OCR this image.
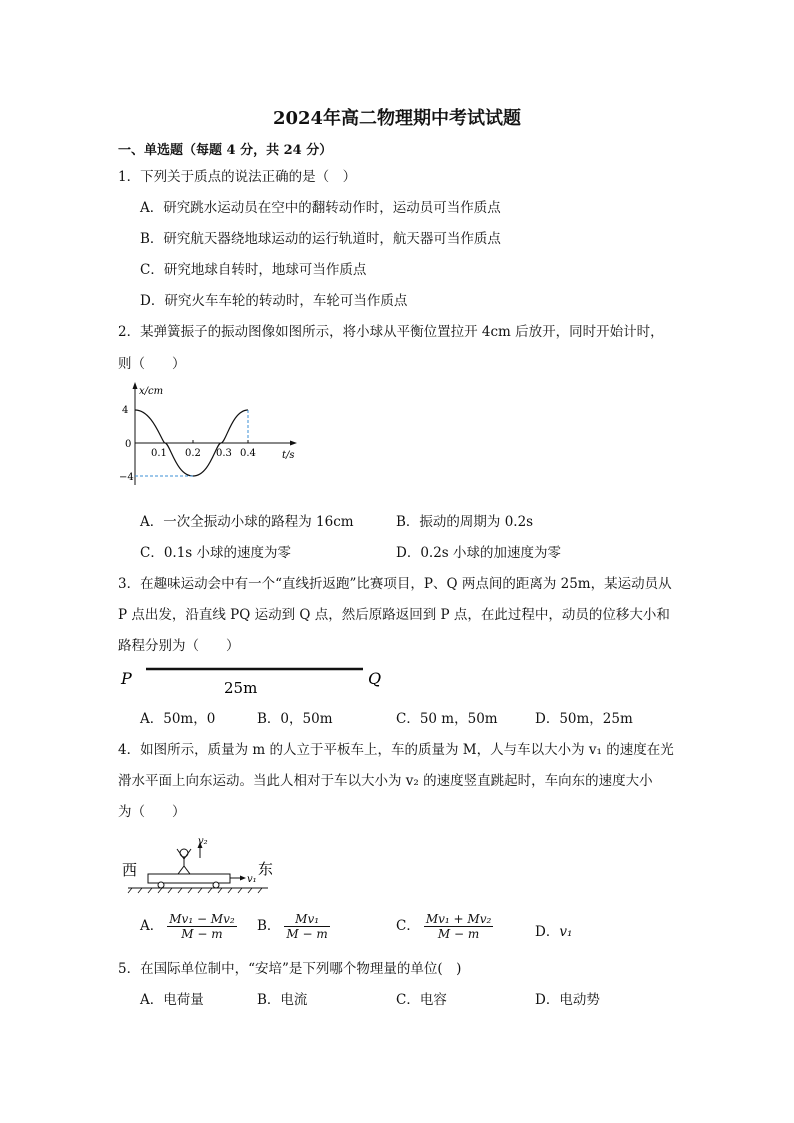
2024年高二物理期中考试试题
一、单选题（每题 4 分，共 24 分）
1．下列关于质点的说法正确的是（　）
A．研究跳水运动员在空中的翻转动作时，运动员可当作质点
B．研究航天器绕地球运动的运行轨道时，航天器可当作质点
C．研究地球自转时，地球可当作质点
D．研究火车车轮的转动时，车轮可当作质点
2．某弹簧振子的振动图像如图所示，将小球从平衡位置拉开 4cm 后放开，同时开始计时，
则（　　）
x/cm
4
0
−4
0.1 0.2 0.3 0.4	t/s
A．一次全振动小球的路程为 16cm	B．振动的周期为 0.2s
C．0.1s 小球的速度为零	D．0.2s 小球的加速度为零
3．在趣味运动会中有一个“直线折返跑”比赛项目，P、Q 两点间的距离为 25m，某运动员从
P 点出发，沿直线 PQ 运动到 Q 点，然后原路返回到 P 点，在此过程中，动员的位移大小和
路程分别为（　　）
P	Q
25m
A．50m，0	B．0，50m	C．50 m，50m	D．50m，25m
4．如图所示，质量为 m 的人立于平板车上，车的质量为 M，人与车以大小为 v₁ 的速度在光
滑水平面上向东运动。当此人相对于车以大小为 v₂ 的速度竖直跳起时，车向东的速度大小
为（　　）
v₂
v₁
西	东
A． $\frac{\text{Mv₁ − Mv₂}}{M - m}$ B． $\frac{\text{Mv₁}}{M - m}$	C． $\frac{\text{Mv₁ + Mv₂}}{M - m}$	D．v₁
5．在国际单位制中，“安培”是下列哪个物理量的单位(　)
A．电荷量	B．电流	C．电容	D．电动势
